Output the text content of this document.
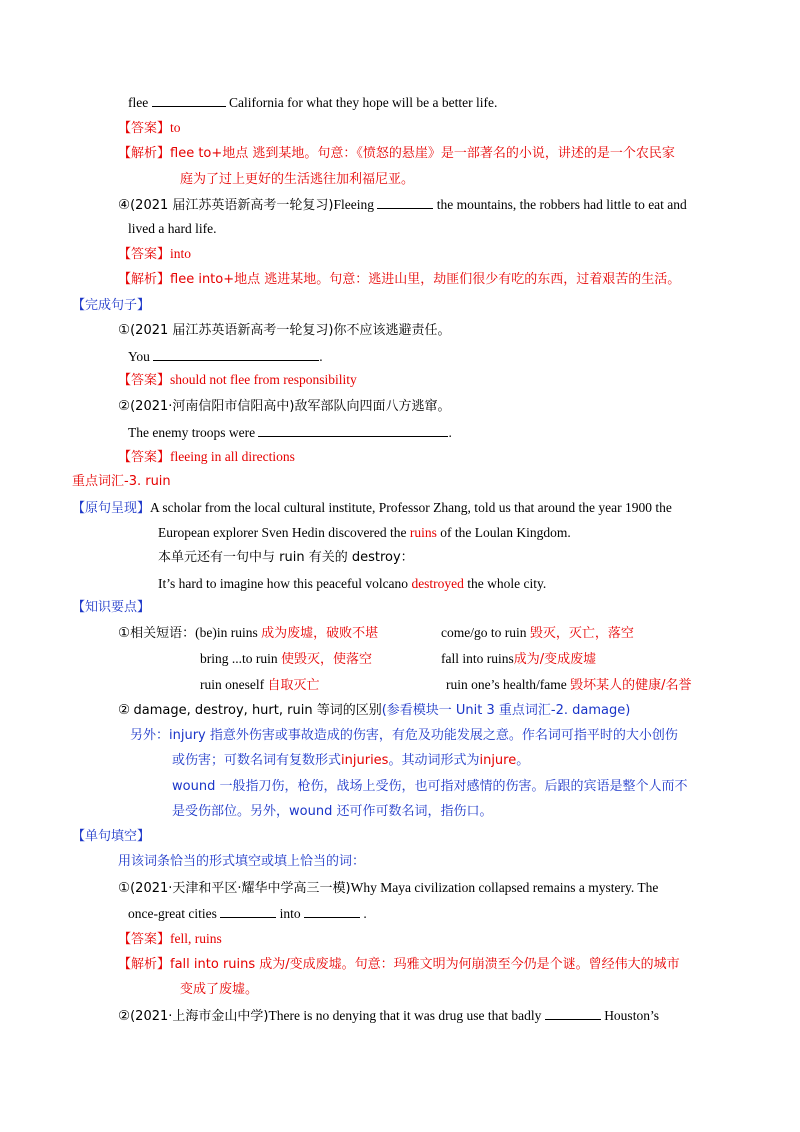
flee	California for what they hope will be a better life.
【答案】to
【解析】flee to+地点 逃到某地。句意：《愤怒的悬崖》是一部著名的小说，讲述的是一个农民家
庭为了过上更好的生活逃往加利福尼亚。
④(2021 届江苏英语新高考一轮复习)Fleeing	the mountains, the robbers had little to eat and
lived a hard life.
【答案】into
【解析】flee into+地点 逃进某地。句意：逃进山里，劫匪们很少有吃的东西，过着艰苦的生活。
【完成句子】
①(2021 届江苏英语新高考一轮复习)你不应该逃避责任。
You	.
【答案】should not flee from responsibility
②(2021·河南信阳市信阳高中)敌军部队向四面八方逃窜。
The enemy troops were	.
【答案】fleeing in all directions
重点词汇-3. ruin
【原句呈现】A scholar from the local cultural institute, Professor Zhang, told us that around the year 1900 the
European explorer Sven Hedin discovered the ruins of the Loulan Kingdom.
本单元还有一句中与 ruin 有关的 destroy：
It’s hard to imagine how this peaceful volcano destroyed the whole city.
【知识要点】
①相关短语：(be)in ruins 成为废墟，破败不堪	come/go to ruin 毁灭，灭亡，落空
bring ...to ruin 使毁灭，使落空	fall into ruins成为/变成废墟
ruin oneself 自取灭亡	ruin one’s health/fame 毁坏某人的健康/名誉
② damage, destroy, hurt, ruin 等词的区别(参看模块一 Unit 3 重点词汇-2. damage)
另外：injury 指意外伤害或事故造成的伤害，有危及功能发展之意。作名词可指平时的大小创伤
或伤害；可数名词有复数形式injuries。其动词形式为injure。
wound 一般指刀伤，枪伤，战场上受伤，也可指对感情的伤害。后跟的宾语是整个人而不
是受伤部位。另外，wound 还可作可数名词，指伤口。
【单句填空】
用该词条恰当的形式填空或填上恰当的词：
①(2021·天津和平区·耀华中学高三一模)Why Maya civilization collapsed remains a mystery. The
once-great cities	into	.
【答案】fell, ruins
【解析】fall into ruins 成为/变成废墟。句意：玛雅文明为何崩溃至今仍是个谜。曾经伟大的城市
变成了废墟。
②(2021·上海市金山中学)There is no denying that it was drug use that badly	Houston’s
